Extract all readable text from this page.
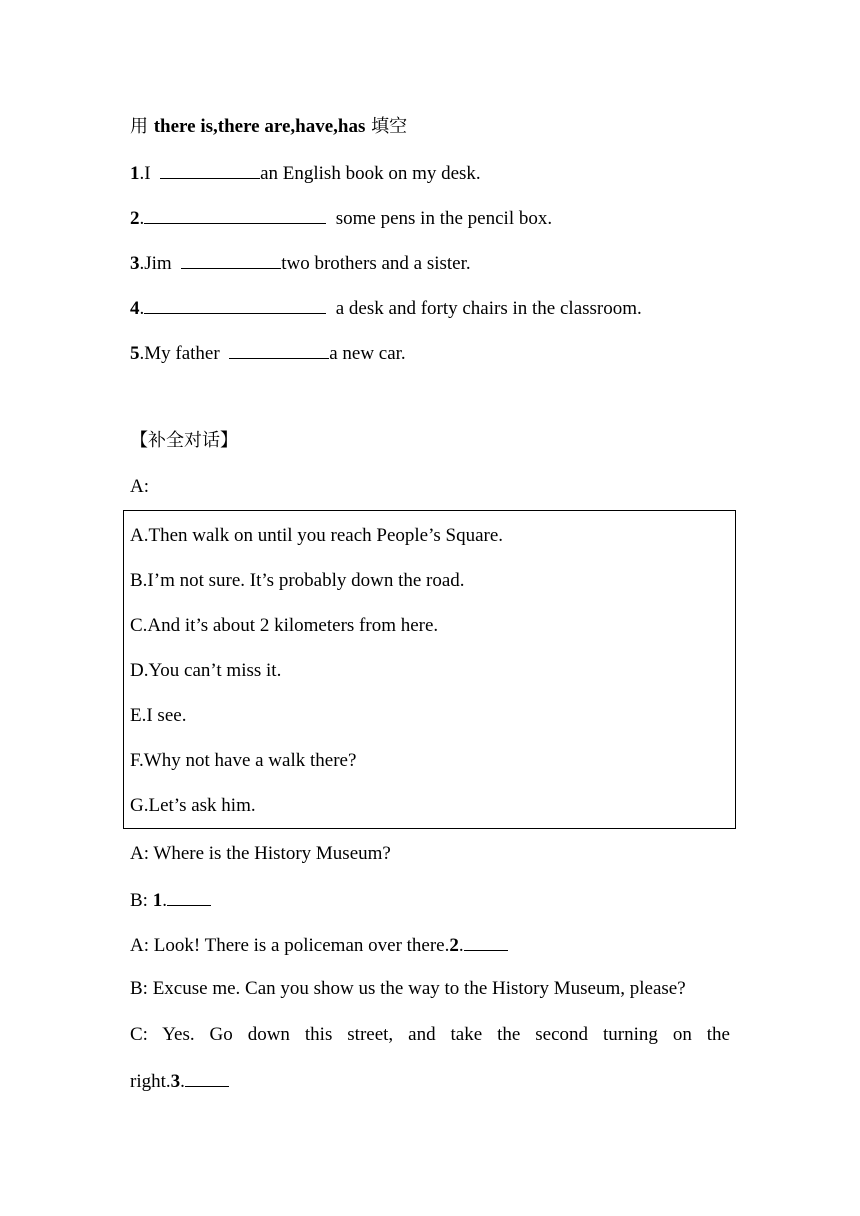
用 there is,there are,have,has 填空
1.I	an English book on my desk.
2.	some pens in the pencil box.
3.Jim	two brothers and a sister.
4.	a desk and forty chairs in the classroom.
5.My father	a new car.
【补全对话】
A:
A.Then walk on until you reach People’s Square.
B.I’m not sure. It’s probably down the road.
C.And it’s about 2 kilometers from here.
D.You can’t miss it.
E.I see.
F.Why not have a walk there?
G.Let’s ask him.
A: Where is the History Museum?
B: 1.
A: Look! There is a policeman over there.2.
B: Excuse me. Can you show us the way to the History Museum, please?
C: Yes. Go down this street, and take the second turning on the
right.3.
